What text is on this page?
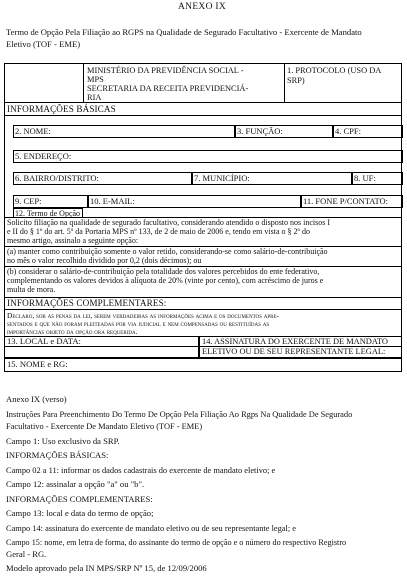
ANEXO IX
Termo de Opção Pela Filiação ao RGPS na Qualidade de Segurado Facultativo - Exercente de Mandato
Eletivo (TOF - EME)
MINISTÉRIO DA PREVIDÊNCIA SOCIAL -
MPS
SECRETARIA DA RECEITA PREVIDENCIÁ-
RIA
1. PROTOCOLO (USO DA
SRP)
INFORMAÇÕES BÁSICAS
2. NOME:	3. FUNÇÃO:	4. CPF:
5. ENDEREÇO:
6. BAIRRO/DISTRITO:	7. MUNICÍPIO:	8. UF:
9. CEP:	10. E-MAIL:	11. FONE P/CONTATO:
12. Termo de Opção
Solicito filiação na qualidade de segurado facultativo, considerando atendido o disposto nos incisos I
e II do § 1º do art. 5º da Portaria MPS nº 133, de 2 de maio de 2006 e, tendo em vista o § 2º do
mesmo artigo, assinalo a seguinte opção:
(a) manter como contribuição somente o valor retido, considerando-se como salário-de-contribuição
no mês o valor recolhido dividido por 0,2 (dois décimos); ou
(b) considerar o salário-de-contribuição pela totalidade dos valores percebidos do ente federativo,
complementando os valores devidos à alíquota de 20% (vinte por cento), com acréscimo de juros e
multa de mora.
INFORMAÇÕES COMPLEMENTARES:
Declaro, sob as penas da lei, serem verdadeiras as informações acima e os documentos apre-
sentados e que não foram pleiteadas por via judicial e nem compensadas ou restituídas as
importâncias objeto da opção ora requerida.
13. LOCAL e DATA:	14. ASSINATURA DO EXERCENTE DE MANDATO
ELETIVO OU DE SEU REPRESENTANTE LEGAL:
15. NOME e RG:
Anexo IX (verso)
Instruções Para Preenchimento Do Termo De Opção Pela Filiação Ao Rgps Na Qualidade De Segurado
Facultativo - Exercente De Mandato Eletivo (TOF - EME)
Campo 1: Uso exclusivo da SRP.
INFORMAÇÕES BÁSICAS:
Campo 02 a 11: informar os dados cadastrais do exercente de mandato eletivo; e
Campo 12: assinalar a opção "a" ou "b".
INFORMAÇÕES COMPLEMENTARES:
Campo 13: local e data do termo de opção;
Campo 14: assinatura do exercente de mandato eletivo ou de seu representante legal; e
Campo 15: nome, em letra de forma, do assinante do termo de opção e o número do respectivo Registro
Geral - RG.
Modelo aprovado pela IN MPS/SRP Nº 15, de 12/09/2006
